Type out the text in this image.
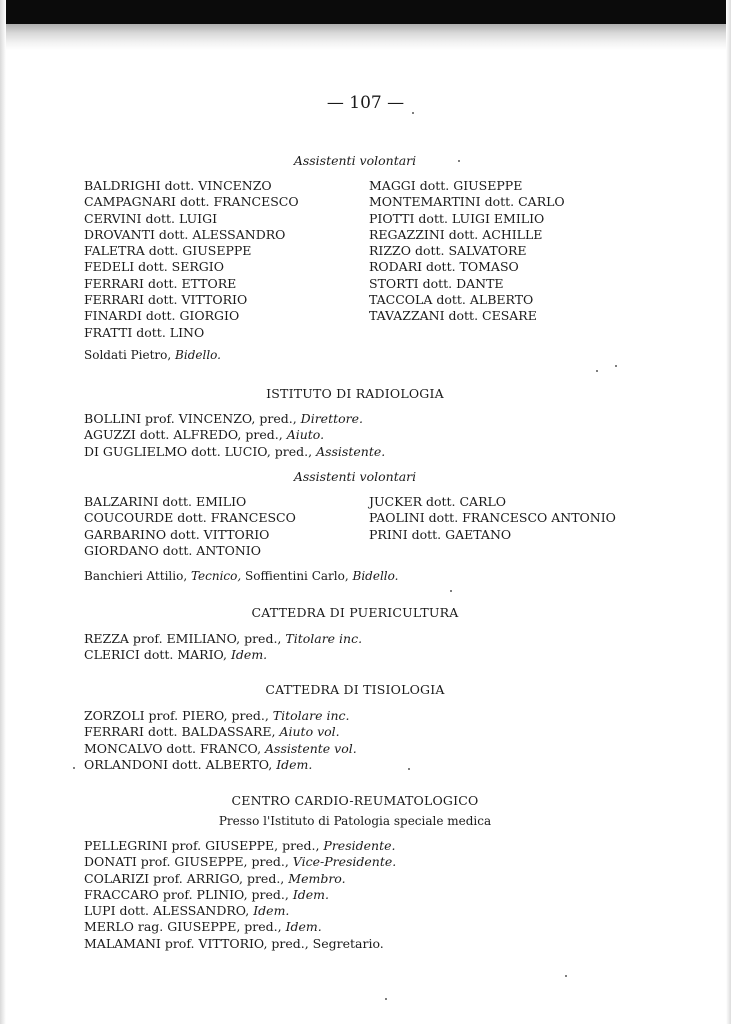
— 107 —
Assistenti volontari
BALDRIGHI dott. VINCENZO
CAMPAGNARI dott. FRANCESCO
CERVINI dott. LUIGI
DROVANTI dott. ALESSANDRO
FALETRA dott. GIUSEPPE
FEDELI dott. SERGIO
FERRARI dott. ETTORE
FERRARI dott. VITTORIO
FINARDI dott. GIORGIO
FRATTI dott. LINO
MAGGI dott. GIUSEPPE
MONTEMARTINI dott. CARLO
PIOTTI dott. LUIGI EMILIO
REGAZZINI dott. ACHILLE
RIZZO dott. SALVATORE
RODARI dott. TOMASO
STORTI dott. DANTE
TACCOLA dott. ALBERTO
TAVAZZANI dott. CESARE
Soldati Pietro, Bidello.
ISTITUTO DI RADIOLOGIA
BOLLINI prof. VINCENZO, pred., Direttore.
AGUZZI dott. ALFREDO, pred., Aiuto.
DI GUGLIELMO dott. LUCIO, pred., Assistente.
Assistenti volontari
BALZARINI dott. EMILIO
COUCOURDE dott. FRANCESCO
GARBARINO dott. VITTORIO
GIORDANO dott. ANTONIO
JUCKER dott. CARLO
PAOLINI dott. FRANCESCO ANTONIO
PRINI dott. GAETANO
Banchieri Attilio, Tecnico, Soffientini Carlo, Bidello.
CATTEDRA DI PUERICULTURA
REZZA prof. EMILIANO, pred., Titolare inc.
CLERICI dott. MARIO, Idem.
CATTEDRA DI TISIOLOGIA
ZORZOLI prof. PIERO, pred., Titolare inc.
FERRARI dott. BALDASSARE, Aiuto vol.
MONCALVO dott. FRANCO, Assistente vol.
ORLANDONI dott. ALBERTO, Idem.
CENTRO CARDIO-REUMATOLOGICO
Presso l'Istituto di Patologia speciale medica
PELLEGRINI prof. GIUSEPPE, pred., Presidente.
DONATI prof. GIUSEPPE, pred., Vice-Presidente.
COLARIZI prof. ARRIGO, pred., Membro.
FRACCARO prof. PLINIO, pred., Idem.
LUPI dott. ALESSANDRO, Idem.
MERLO rag. GIUSEPPE, pred., Idem.
MALAMANI prof. VITTORIO, pred., Segretario.
